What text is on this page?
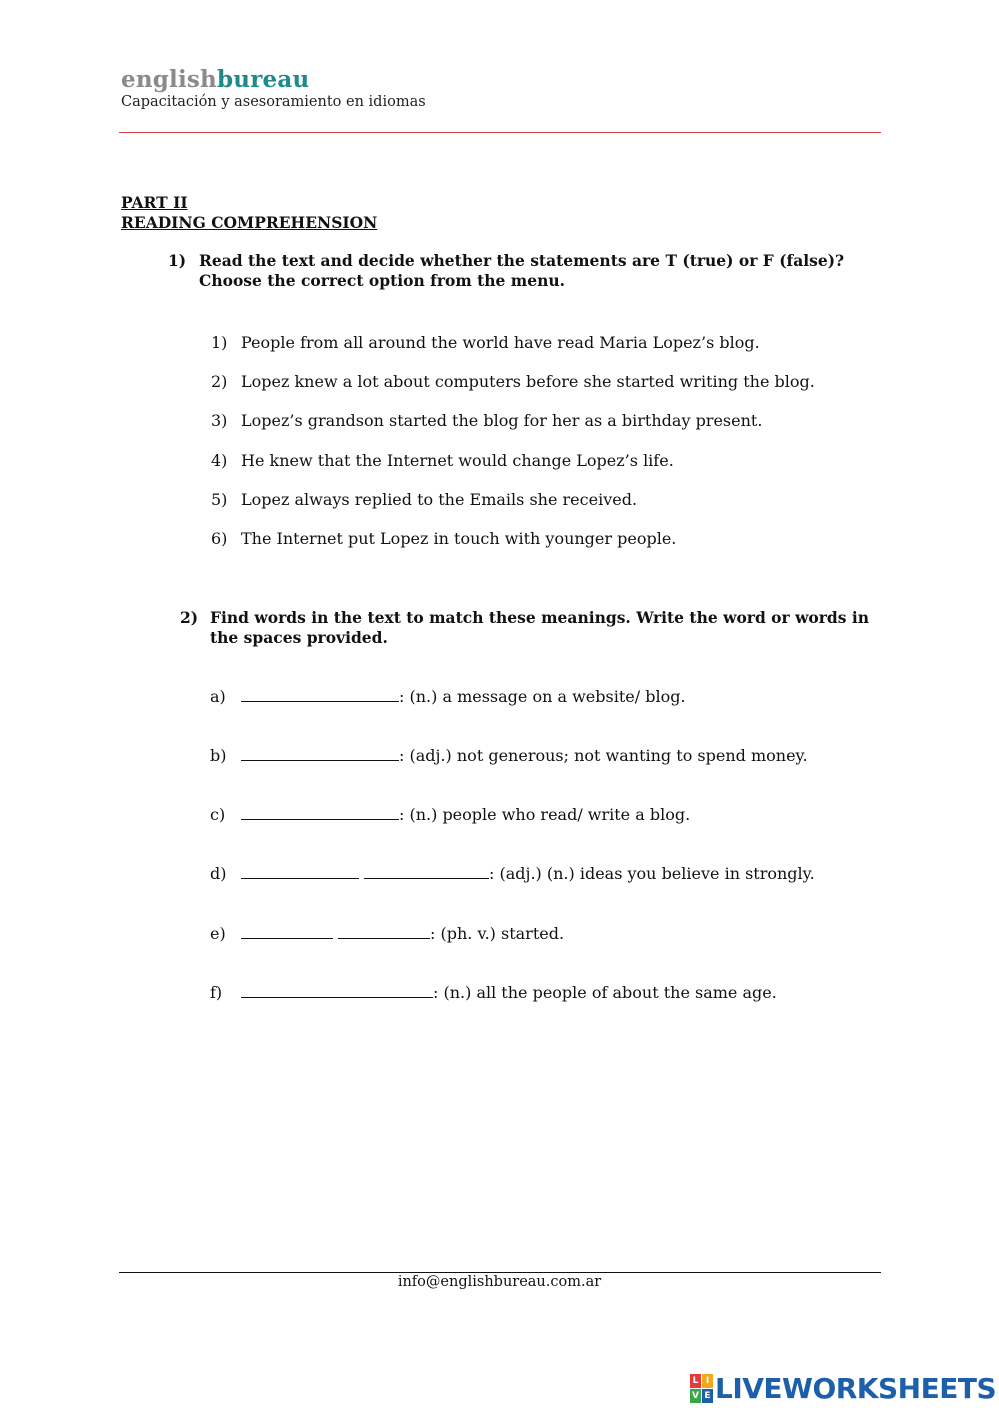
englishbureau
Capacitación y asesoramiento en idiomas
PART II
READING COMPREHENSION
1) Read the text and decide whether the statements are T (true) or F (false)?
Choose the correct option from the menu.
1) People from all around the world have read Maria Lopez’s blog.
2) Lopez knew a lot about computers before she started writing the blog.
3) Lopez’s grandson started the blog for her as a birthday present.
4) He knew that the Internet would change Lopez’s life.
5) Lopez always replied to the Emails she received.
6) The Internet put Lopez in touch with younger people.
2) Find words in the text to match these meanings. Write the word or words in
the spaces provided.
a)	: (n.) a message on a website/ blog.
b)	: (adj.) not generous; not wanting to spend money.
c)	: (n.) people who read/ write a blog.
d)	: (adj.) (n.) ideas you believe in strongly.
e)	: (ph. v.) started.
f)	: (n.) all the people of about the same age.
info@englishbureau.com.ar
L I
V E LIVEWORKSHEETS
